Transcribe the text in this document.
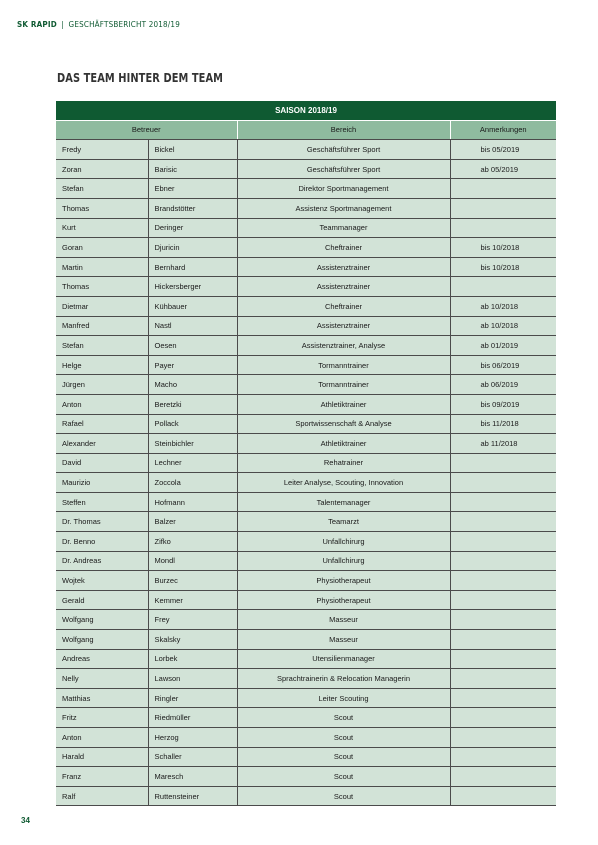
SK RAPID | GESCHÄFTSBERICHT 2018/19
DAS TEAM HINTER DEM TEAM
SAISON 2018/19			
Betreuer		Bereich	Anmerkungen
Fredy	Bickel	Geschäftsführer Sport	bis 05/2019
Zoran	Barisic	Geschäftsführer Sport	ab 05/2019
Stefan	Ebner	Direktor Sportmanagement	
Thomas	Brandstötter	Assistenz Sportmanagement	
Kurt	Deringer	Teammanager	
Goran	Djuricin	Cheftrainer	bis 10/2018
Martin	Bernhard	Assistenztrainer	bis 10/2018
Thomas	Hickersberger	Assistenztrainer	
Dietmar	Kühbauer	Cheftrainer	ab 10/2018
Manfred	Nastl	Assistenztrainer	ab 10/2018
Stefan	Oesen	Assistenztrainer, Analyse	ab 01/2019
Helge	Payer	Tormanntrainer	bis 06/2019
Jürgen	Macho	Tormanntrainer	ab 06/2019
Anton	Beretzki	Athletiktrainer	bis 09/2019
Rafael	Pollack	Sportwissenschaft & Analyse	bis 11/2018
Alexander	Steinbichler	Athletiktrainer	ab 11/2018
David	Lechner	Rehatrainer	
Maurizio	Zoccola	Leiter Analyse, Scouting, Innovation	
Steffen	Hofmann	Talentemanager	
Dr. Thomas	Balzer	Teamarzt	
Dr. Benno	Zifko	Unfallchirurg	
Dr. Andreas	Mondl	Unfallchirurg	
Wojtek	Burzec	Physiotherapeut	
Gerald	Kemmer	Physiotherapeut	
Wolfgang	Frey	Masseur	
Wolfgang	Skalsky	Masseur	
Andreas	Lorbek	Utensilienmanager	
Nelly	Lawson	Sprachtrainerin & Relocation Managerin	
Matthias	Ringler	Leiter Scouting	
Fritz	Riedmüller	Scout	
Anton	Herzog	Scout	
Harald	Schaller	Scout	
Franz	Maresch	Scout	
Ralf	Ruttensteiner	Scout	
34
